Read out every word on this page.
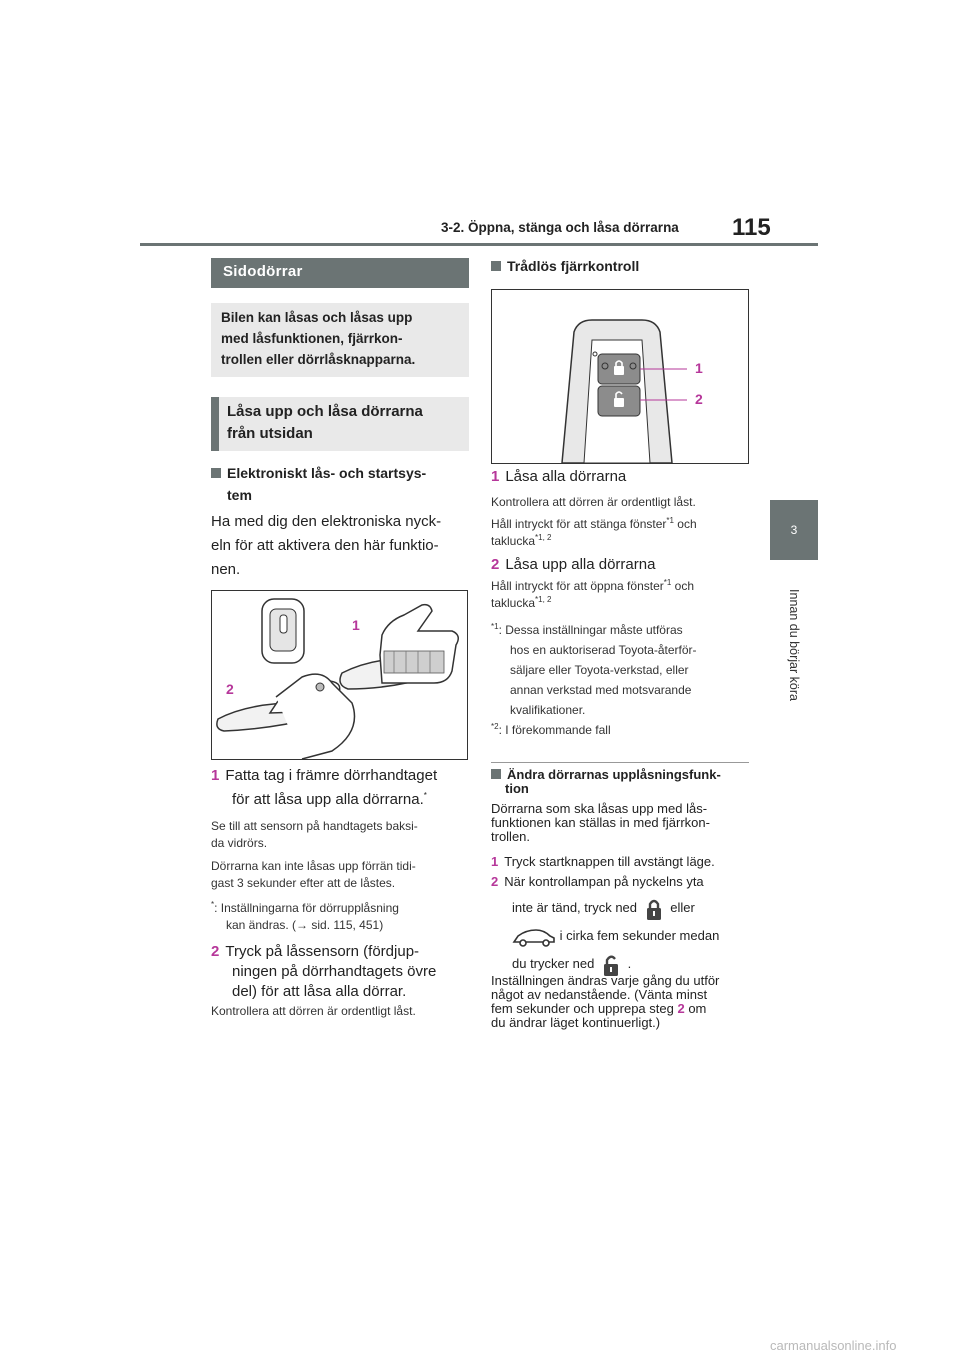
3-2. Öppna, stänga och låsa dörrarna 115
3
Innan du börjar köra
Sidodörrar
Bilen kan låsas och låsas upp
med låsfunktionen, fjärrkon-
trollen eller dörrlåsknapparna.
Låsa upp och låsa dörrarna
från utsidan
Elektroniskt lås- och startsys-
tem
Ha med dig den elektroniska nyck-
eln för att aktivera den här funktio-
nen.
1
2
1 Fatta tag i främre dörrhandtaget
för att låsa upp alla dörrarna.*
Se till att sensorn på handtagets baksi-
da vidrörs.
Dörrarna kan inte låsas upp förrän tidi-
gast 3 sekunder efter att de låstes.
*: Inställningarna för dörrupplåsning
kan ändras. (→ sid. 115, 451)
2 Tryck på låssensorn (fördjup-
ningen på dörrhandtagets övre
del) för att låsa alla dörrar.
Kontrollera att dörren är ordentligt låst.
Trådlös fjärrkontroll
1
2
1 Låsa alla dörrarna
Kontrollera att dörren är ordentligt låst.
Håll intryckt för att stänga fönster$^{*1}$ och
taklucka$^{*1, 2}$
2 Låsa upp alla dörrarna
Håll intryckt för att öppna fönster$^{*1}$ och
taklucka$^{*1, 2}$
$^{*1}$: Dessa inställningar måste utföras
hos en auktoriserad Toyota-återför-
säljare eller Toyota-verkstad, eller
annan verkstad med motsvarande
kvalifikationer.
$^{*2}$: I förekommande fall
Ändra dörrarnas upplåsningsfunk-
tion
Dörrarna som ska låsas upp med lås-
funktionen kan ställas in med fjärrkon-
trollen.
1 Tryck startknappen till avstängt läge.
2 När kontrollampan på nyckelns yta
inte är tänd, tryck ned	eller
i cirka fem sekunder medan
du trycker ned	.
Inställningen ändras varje gång du utför
något av nedanstående. (Vänta minst
fem sekunder och upprepa steg 2 om
du ändrar läget kontinuerligt.)
carmanualsonline.info
